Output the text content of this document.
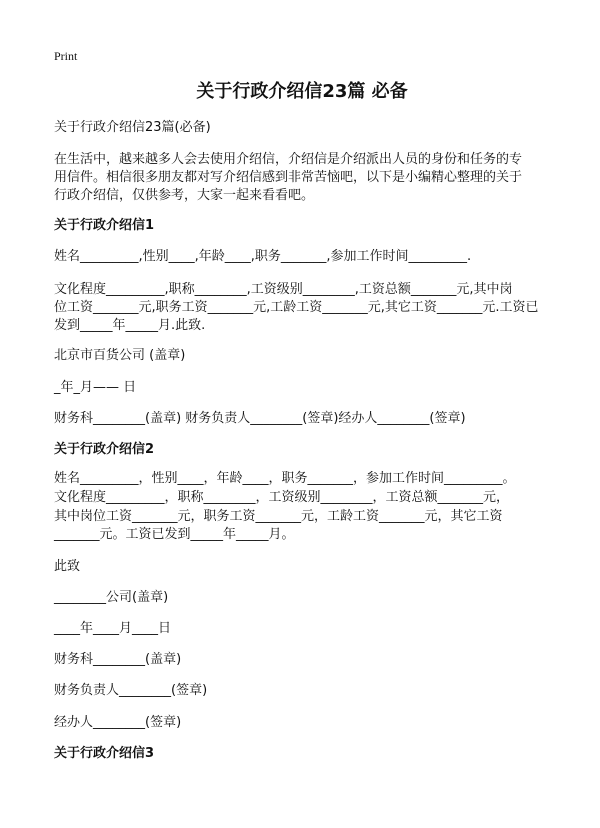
Print
关于行政介绍信23篇 必备
关于行政介绍信23篇(必备)
在生活中，越来越多人会去使用介绍信，介绍信是介绍派出人员的身份和任务的专
用信件。相信很多朋友都对写介绍信感到非常苦恼吧，以下是小编精心整理的关于
行政介绍信，仅供参考，大家一起来看看吧。
关于行政介绍信1
姓名_________,性别____,年龄____,职务_______,参加工作时间_________.
文化程度_________,职称________,工资级别________,工资总额_______元,其中岗
位工资_______元,职务工资_______元,工龄工资_______元,其它工资_______元.工资已
发到_____年_____月.此致.
北京市百货公司 (盖章)
_年_月—— 日
财务科________(盖章) 财务负责人________(签章)经办人________(签章)
关于行政介绍信2
姓名_________，性别____，年龄____，职务_______，参加工作时间_________。
文化程度_________，职称________，工资级别________，工资总额_______元，
其中岗位工资_______元，职务工资_______元，工龄工资_______元，其它工资
_______元。工资已发到_____年_____月。
此致
________公司(盖章)
____年____月____日
财务科________(盖章)
财务负责人________(签章)
经办人________(签章)
关于行政介绍信3
